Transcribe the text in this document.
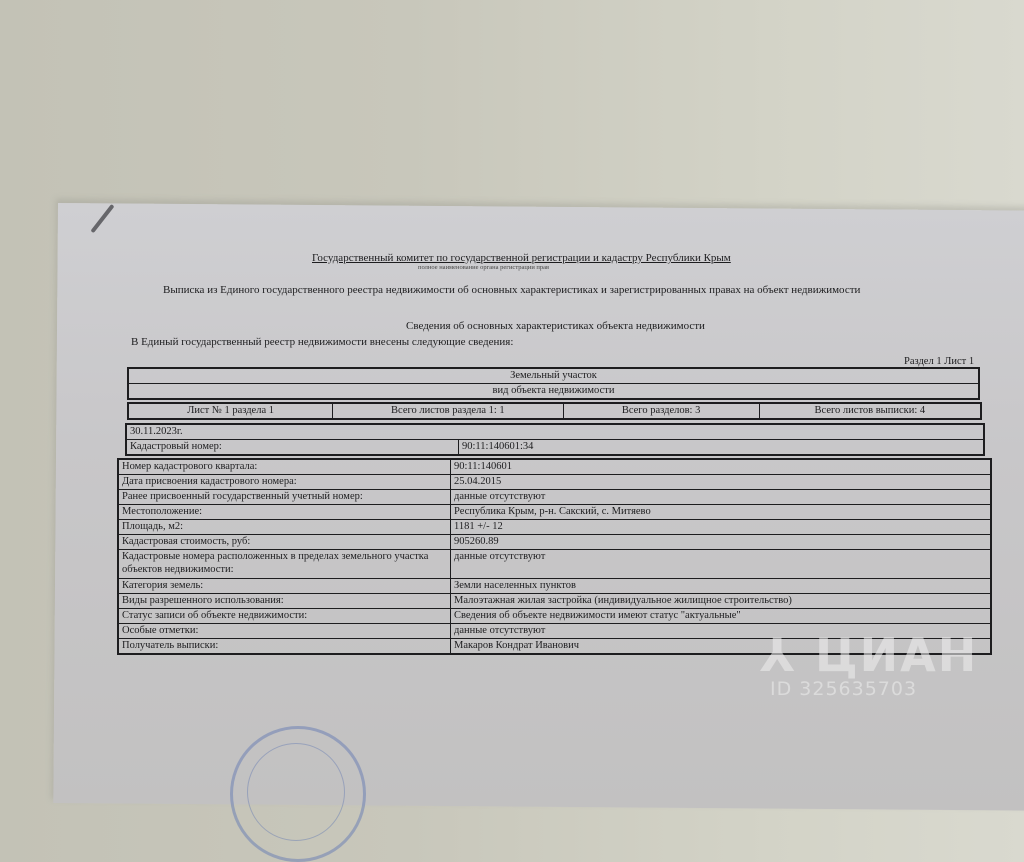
Государственный комитет по государственной регистрации и кадастру Республики Крым
полное наименование органа регистрации прав
Выписка из Единого государственного реестра недвижимости об основных характеристиках и зарегистрированных правах на объект недвижимости
Сведения об основных характеристиках объекта недвижимости
В Единый государственный реестр недвижимости внесены следующие сведения:
Раздел 1 Лист 1
Земельный участок
вид объекта недвижимости
Лист № 1 раздела 1	Всего листов раздела 1: 1	Всего разделов: 3	Всего листов выписки: 4
30.11.2023г.
Кадастровый номер:	90:11:140601:34
Номер кадастрового квартала:	90:11:140601
Дата присвоения кадастрового номера:	25.04.2015
Ранее присвоенный государственный учетный номер:	данные отсутствуют
Местоположение:	Республика Крым, р-н. Сакский, с. Митяево
Площадь, м2:	1181 +/- 12
Кадастровая стоимость, руб:	905260.89
Кадастровые номера расположенных в пределах земельного участка объектов недвижимости:	данные отсутствуют
Категория земель:	Земли населенных пунктов
Виды разрешенного использования:	Малоэтажная жилая застройка (индивидуальное жилищное строительство)
Статус записи об объекте недвижимости:	Сведения об объекте недвижимости имеют статус "актуальные"
Особые отметки:	данные отсутствуют
Получатель выписки:	Макаров Кондрат Иванович	⅄ ЦИАН
ID 325635703
